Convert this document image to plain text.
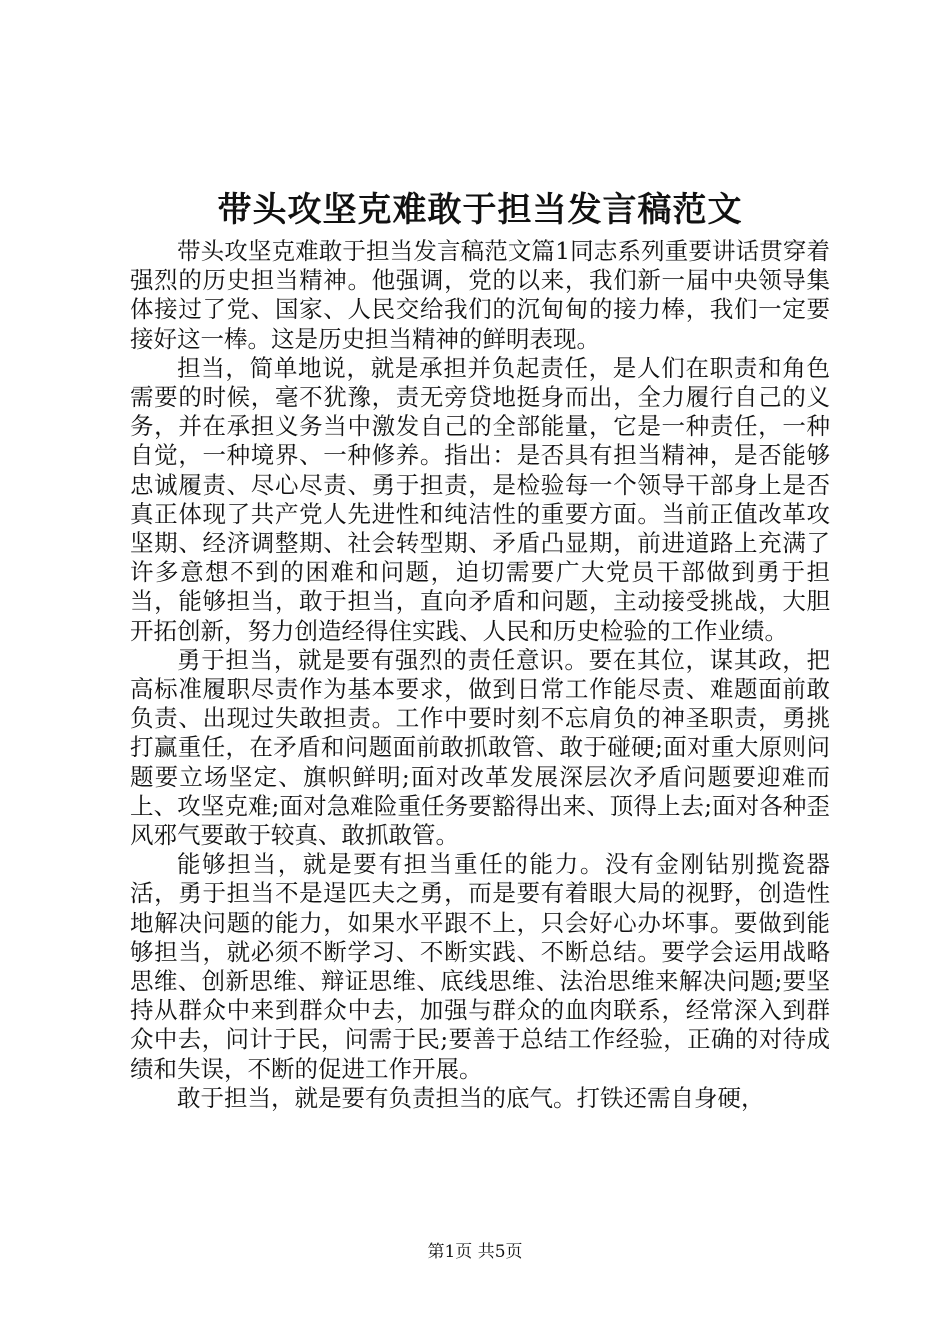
带头攻坚克难敢于担当发言稿范文

带头攻坚克难敢于担当发言稿范文篇1同志系列重要讲话贯穿着强烈的历史担当精神。他强调，党的以来，我们新一届中央领导集体接过了党、国家、人民交给我们的沉甸甸的接力棒，我们一定要接好这一棒。这是历史担当精神的鲜明表现。

担当，简单地说，就是承担并负起责任，是人们在职责和角色需要的时候，毫不犹豫，责无旁贷地挺身而出，全力履行自己的义务，并在承担义务当中激发自己的全部能量，它是一种责任，一种自觉，一种境界、一种修养。指出：是否具有担当精神，是否能够忠诚履责、尽心尽责、勇于担责，是检验每一个领导干部身上是否真正体现了共产党人先进性和纯洁性的重要方面。当前正值改革攻坚期、经济调整期、社会转型期、矛盾凸显期，前进道路上充满了许多意想不到的困难和问题，迫切需要广大党员干部做到勇于担当，能够担当，敢于担当，直向矛盾和问题，主动接受挑战，大胆开拓创新，努力创造经得住实践、人民和历史检验的工作业绩。

勇于担当，就是要有强烈的责任意识。要在其位，谋其政，把高标准履职尽责作为基本要求，做到日常工作能尽责、难题面前敢负责、出现过失敢担责。工作中要时刻不忘肩负的神圣职责，勇挑打赢重任，在矛盾和问题面前敢抓敢管、敢于碰硬;面对重大原则问题要立场坚定、旗帜鲜明;面对改革发展深层次矛盾问题要迎难而上、攻坚克难;面对急难险重任务要豁得出来、顶得上去;面对各种歪风邪气要敢于较真、敢抓敢管。

能够担当，就是要有担当重任的能力。没有金刚钻别揽瓷器活，勇于担当不是逞匹夫之勇，而是要有着眼大局的视野，创造性地解决问题的能力，如果水平跟不上，只会好心办坏事。要做到能够担当，就必须不断学习、不断实践、不断总结。要学会运用战略思维、创新思维、辩证思维、底线思维、法治思维来解决问题;要坚持从群众中来到群众中去，加强与群众的血肉联系，经常深入到群众中去，问计于民，问需于民;要善于总结工作经验，正确的对待成绩和失误，不断的促进工作开展。

敢于担当，就是要有负责担当的底气。打铁还需自身硬，

第1页 共5页
